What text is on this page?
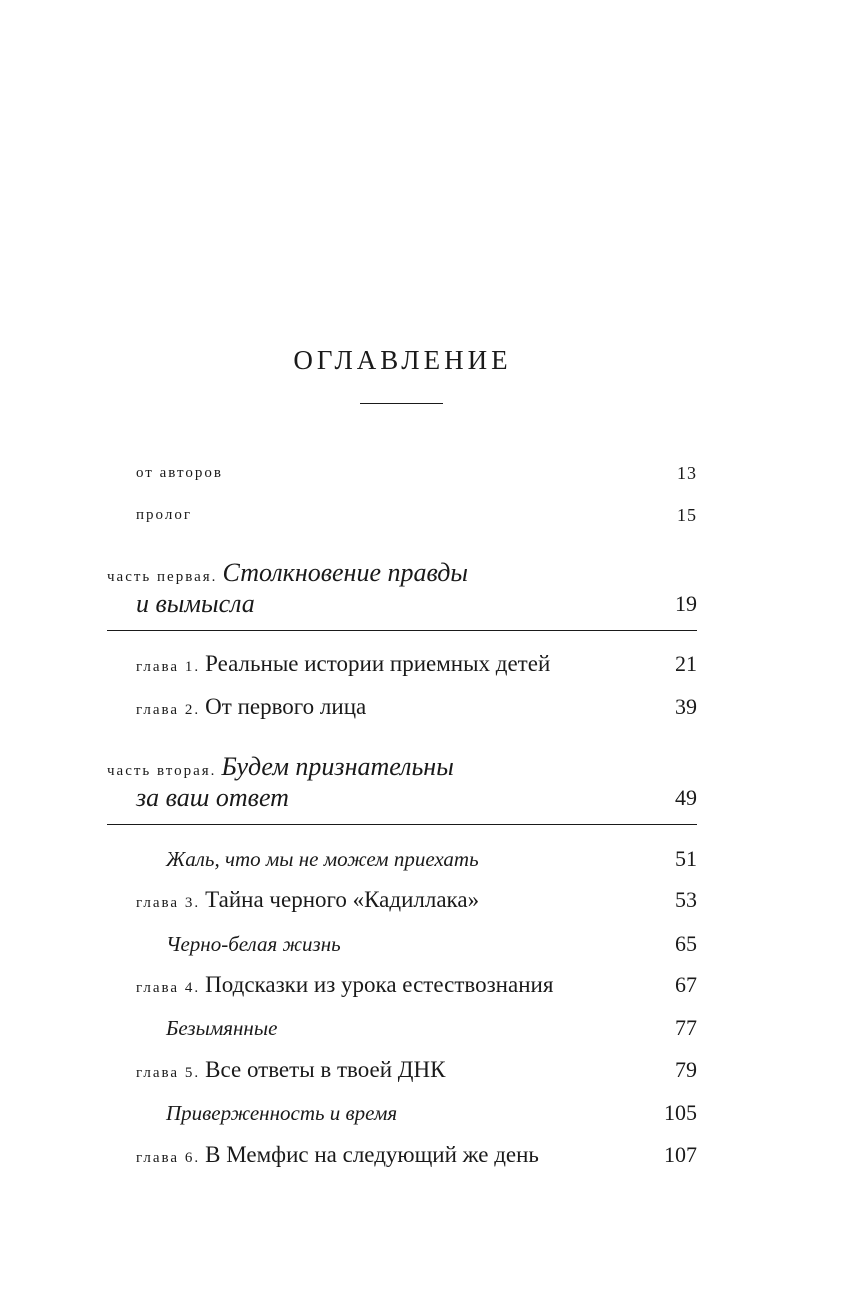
ОГЛАВЛЕНИЕ
от авторов	13
пролог	15
часть первая. Столкновение правды
и вымысла	19
глава 1. Реальные истории приемных детей	21
глава 2. От первого лица	39
часть вторая. Будем признательны
за ваш ответ	49
Жаль, что мы не можем приехать	51
глава 3. Тайна черного «Кадиллака»	53
Черно-белая жизнь	65
глава 4. Подсказки из урока естествознания	67
Безымянные	77
глава 5. Все ответы в твоей ДНК	79
Приверженность и время	105
глава 6. В Мемфис на следующий же день	107
